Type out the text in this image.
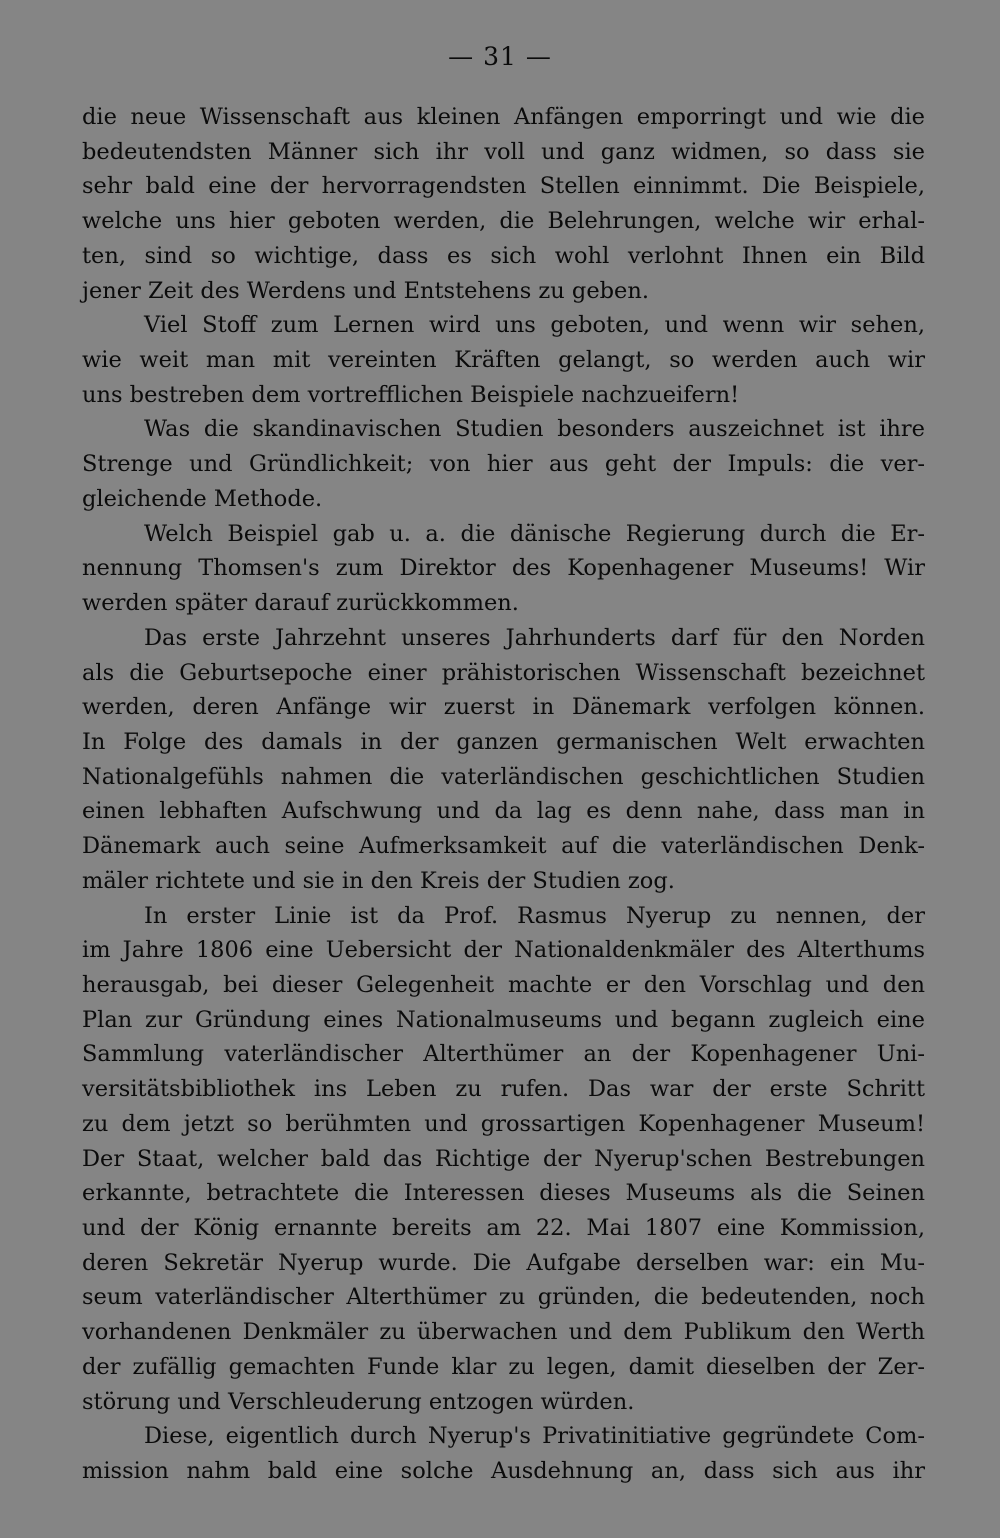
— 31 —
die neue Wissenschaft aus kleinen Anfängen emporringt und wie die
bedeutendsten Männer sich ihr voll und ganz widmen, so dass sie
sehr bald eine der hervorragendsten Stellen einnimmt. Die Beispiele,
welche uns hier geboten werden, die Belehrungen, welche wir erhal-
ten, sind so wichtige, dass es sich wohl verlohnt Ihnen ein Bild
jener Zeit des Werdens und Entstehens zu geben.
Viel Stoff zum Lernen wird uns geboten, und wenn wir sehen,
wie weit man mit vereinten Kräften gelangt, so werden auch wir
uns bestreben dem vortrefflichen Beispiele nachzueifern!
Was die skandinavischen Studien besonders auszeichnet ist ihre
Strenge und Gründlichkeit; von hier aus geht der Impuls: die ver-
gleichende Methode.
Welch Beispiel gab u. a. die dänische Regierung durch die Er-
nennung Thomsen's zum Direktor des Kopenhagener Museums! Wir
werden später darauf zurückkommen.
Das erste Jahrzehnt unseres Jahrhunderts darf für den Norden
als die Geburtsepoche einer prähistorischen Wissenschaft bezeichnet
werden, deren Anfänge wir zuerst in Dänemark verfolgen können.
In Folge des damals in der ganzen germanischen Welt erwachten
Nationalgefühls nahmen die vaterländischen geschichtlichen Studien
einen lebhaften Aufschwung und da lag es denn nahe, dass man in
Dänemark auch seine Aufmerksamkeit auf die vaterländischen Denk-
mäler richtete und sie in den Kreis der Studien zog.
In erster Linie ist da Prof. Rasmus Nyerup zu nennen, der
im Jahre 1806 eine Uebersicht der Nationaldenkmäler des Alterthums
herausgab, bei dieser Gelegenheit machte er den Vorschlag und den
Plan zur Gründung eines Nationalmuseums und begann zugleich eine
Sammlung vaterländischer Alterthümer an der Kopenhagener Uni-
versitätsbibliothek ins Leben zu rufen. Das war der erste Schritt
zu dem jetzt so berühmten und grossartigen Kopenhagener Museum!
Der Staat, welcher bald das Richtige der Nyerup'schen Bestrebungen
erkannte, betrachtete die Interessen dieses Museums als die Seinen
und der König ernannte bereits am 22. Mai 1807 eine Kommission,
deren Sekretär Nyerup wurde. Die Aufgabe derselben war: ein Mu-
seum vaterländischer Alterthümer zu gründen, die bedeutenden, noch
vorhandenen Denkmäler zu überwachen und dem Publikum den Werth
der zufällig gemachten Funde klar zu legen, damit dieselben der Zer-
störung und Verschleuderung entzogen würden.
Diese, eigentlich durch Nyerup's Privatinitiative gegründete Com-
mission nahm bald eine solche Ausdehnung an, dass sich aus ihr
